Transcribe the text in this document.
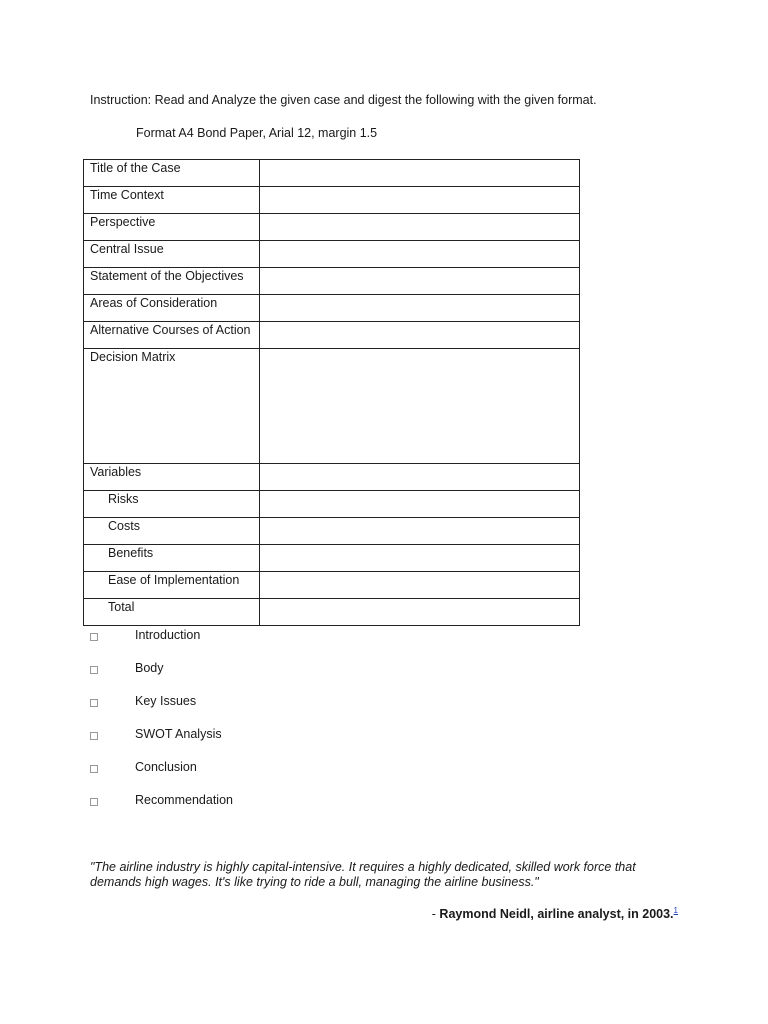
Instruction: Read and Analyze the given case and digest the following with the given format.
Format A4 Bond Paper, Arial 12, margin 1.5
Title of the Case	
Time Context	
Perspective	
Central Issue	
Statement of the Objectives	
Areas of Consideration	
Alternative Courses of Action	
Decision Matrix	
Variables	
Risks	
Costs	
Benefits	
Ease of Implementation	
Total	
Introduction
Body
Key Issues
SWOT Analysis
Conclusion
Recommendation
"The airline industry is highly capital-intensive. It requires a highly dedicated, skilled work force that demands high wages. It's like trying to ride a bull, managing the airline business."
- Raymond Neidl, airline analyst, in 2003.$^1$
